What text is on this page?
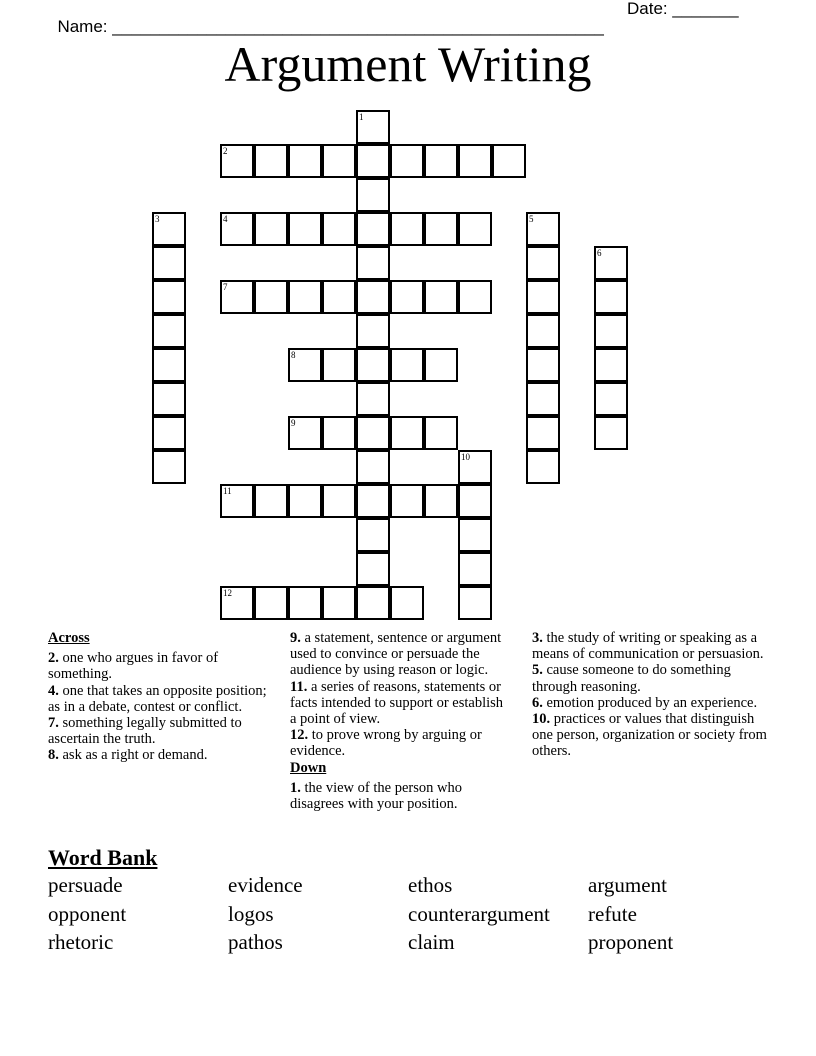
Name: ____________________________________________________

Date: _______

Argument Writing
2
4
7
8
9
11
12
1
3	5
6
10
Across
2. one who argues in favor of something.
4. one that takes an opposite position; as in a debate, contest or conflict.
7. something legally submitted to ascertain the truth.
8. ask as a right or demand.
9. a statement, sentence or argument used to convince or persuade the audience by using reason or logic.
11. a series of reasons, statements or facts intended to support or establish a point of view.
12. to prove wrong by arguing or evidence.
Down
1. the view of the person who disagrees with your position.
3. the study of writing or speaking as a means of communication or persuasion.
5. cause someone to do something through reasoning.
6. emotion produced by an experience.
10. practices or values that distinguish one person, organization or society from others.
Word Bank
persuade	evidence	ethos	argument
opponent	logos	counterargument refute
rhetoric	pathos	claim	proponent
